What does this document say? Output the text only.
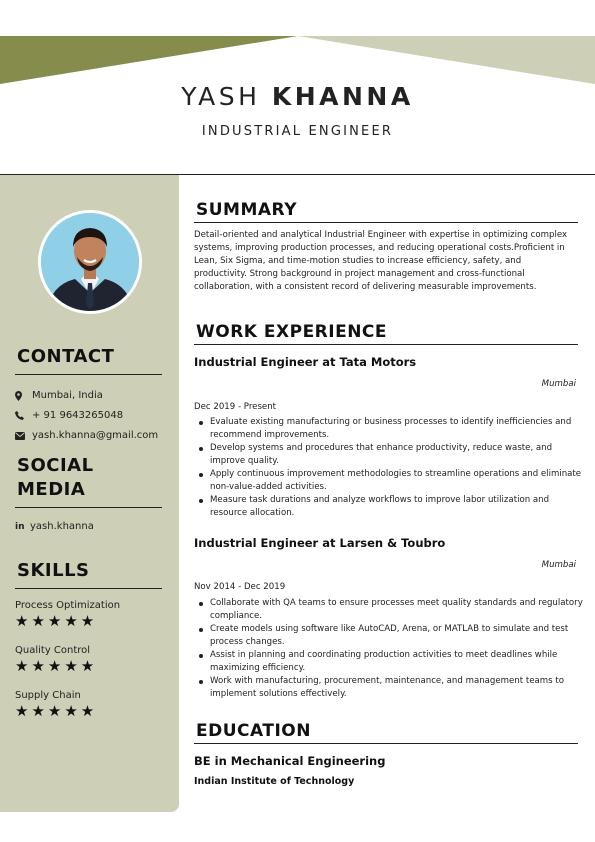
YASH KHANNA
INDUSTRIAL ENGINEER
CONTACT
Mumbai, India
+ 91 9643265048
yash.khanna@gmail.com
SOCIAL
MEDIA
in yash.khanna
SKILLS
Process Optimization
★★★★★
Quality Control
★★★★★
Supply Chain
★★★★★
SUMMARY
Detail-oriented and analytical Industrial Engineer with expertise in optimizing complex systems, improving production processes, and reducing operational costs.Proficient in Lean, Six Sigma, and time-motion studies to increase efficiency, safety, and productivity. Strong background in project management and cross-functional collaboration, with a consistent record of delivering measurable improvements.
WORK EXPERIENCE
Industrial Engineer at Tata Motors
Mumbai
Dec 2019 - Present
Evaluate existing manufacturing or business processes to identify inefficiencies and recommend improvements.
Develop systems and procedures that enhance productivity, reduce waste, and improve quality.
Apply continuous improvement methodologies to streamline operations and eliminate non-value-added activities.
Measure task durations and analyze workflows to improve labor utilization and resource allocation.
Industrial Engineer at Larsen & Toubro
Mumbai
Nov 2014 - Dec 2019
Collaborate with QA teams to ensure processes meet quality standards and regulatory compliance.
Create models using software like AutoCAD, Arena, or MATLAB to simulate and test process changes.
Assist in planning and coordinating production activities to meet deadlines while maximizing efficiency.
Work with manufacturing, procurement, maintenance, and management teams to implement solutions effectively.
EDUCATION
BE in Mechanical Engineering
Indian Institute of Technology
